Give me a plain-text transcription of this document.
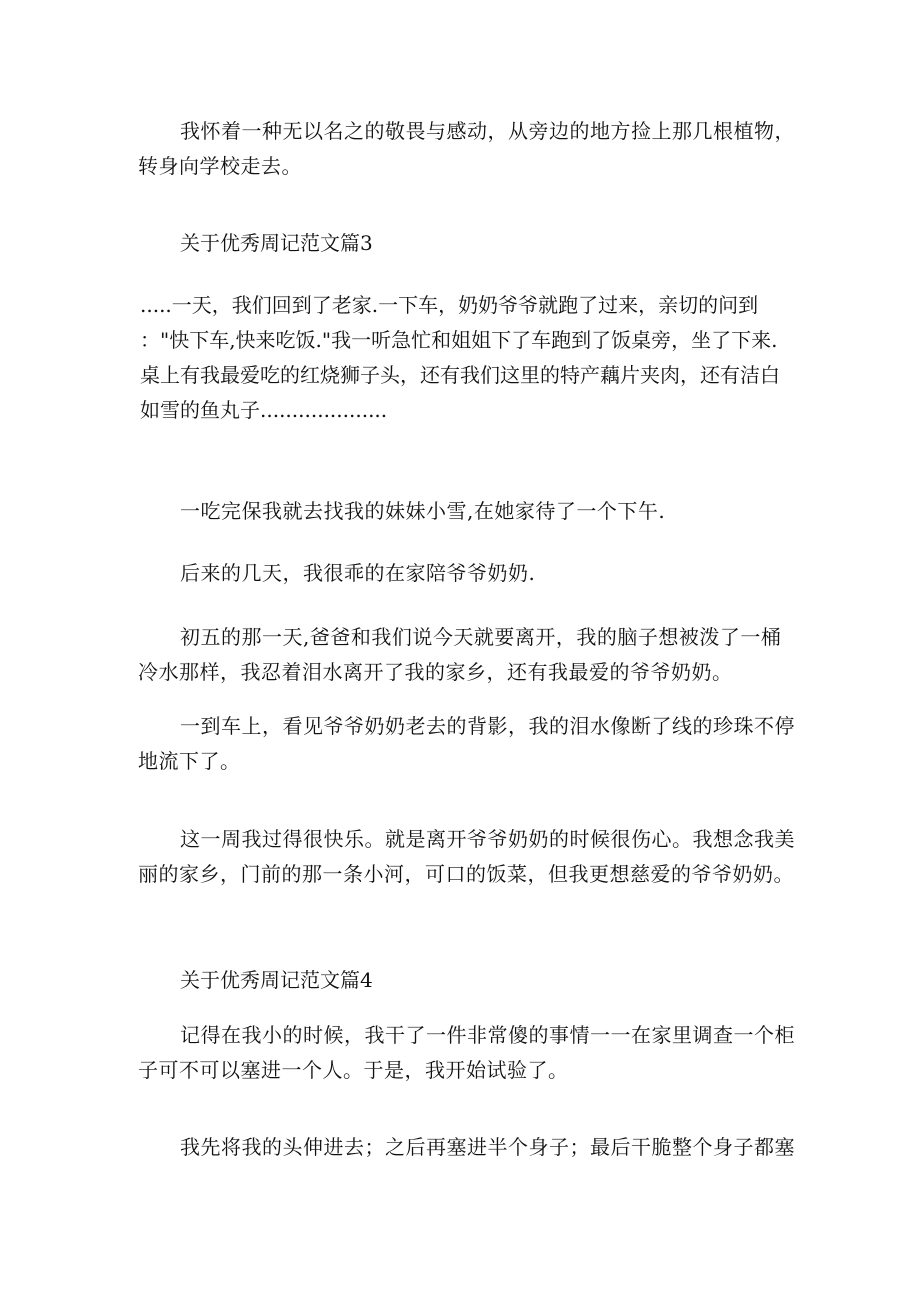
我怀着一种无以名之的敬畏与感动，从旁边的地方捡上那几根植物，
转身向学校走去。

关于优秀周记范文篇3

.....一天，我们回到了老家.一下车，奶奶爷爷就跑了过来，亲切的问到
："快下车,快来吃饭."我一听急忙和姐姐下了车跑到了饭桌旁，坐了下来.
桌上有我最爱吃的红烧狮子头，还有我们这里的特产藕片夹肉，还有洁白
如雪的鱼丸子....................

一吃完保我就去找我的妹妹小雪,在她家待了一个下午.

后来的几天，我很乖的在家陪爷爷奶奶.

初五的那一天,爸爸和我们说今天就要离开，我的脑子想被泼了一桶
冷水那样，我忍着泪水离开了我的家乡，还有我最爱的爷爷奶奶。

一到车上，看见爷爷奶奶老去的背影，我的泪水像断了线的珍珠不停
地流下了。

这一周我过得很快乐。就是离开爷爷奶奶的时候很伤心。我想念我美
丽的家乡，门前的那一条小河，可口的饭菜，但我更想慈爱的爷爷奶奶。

关于优秀周记范文篇4

记得在我小的时候，我干了一件非常傻的事情一一在家里调查一个柜
子可不可以塞进一个人。于是，我开始试验了。

我先将我的头伸进去；之后再塞进半个身子；最后干脆整个身子都塞
